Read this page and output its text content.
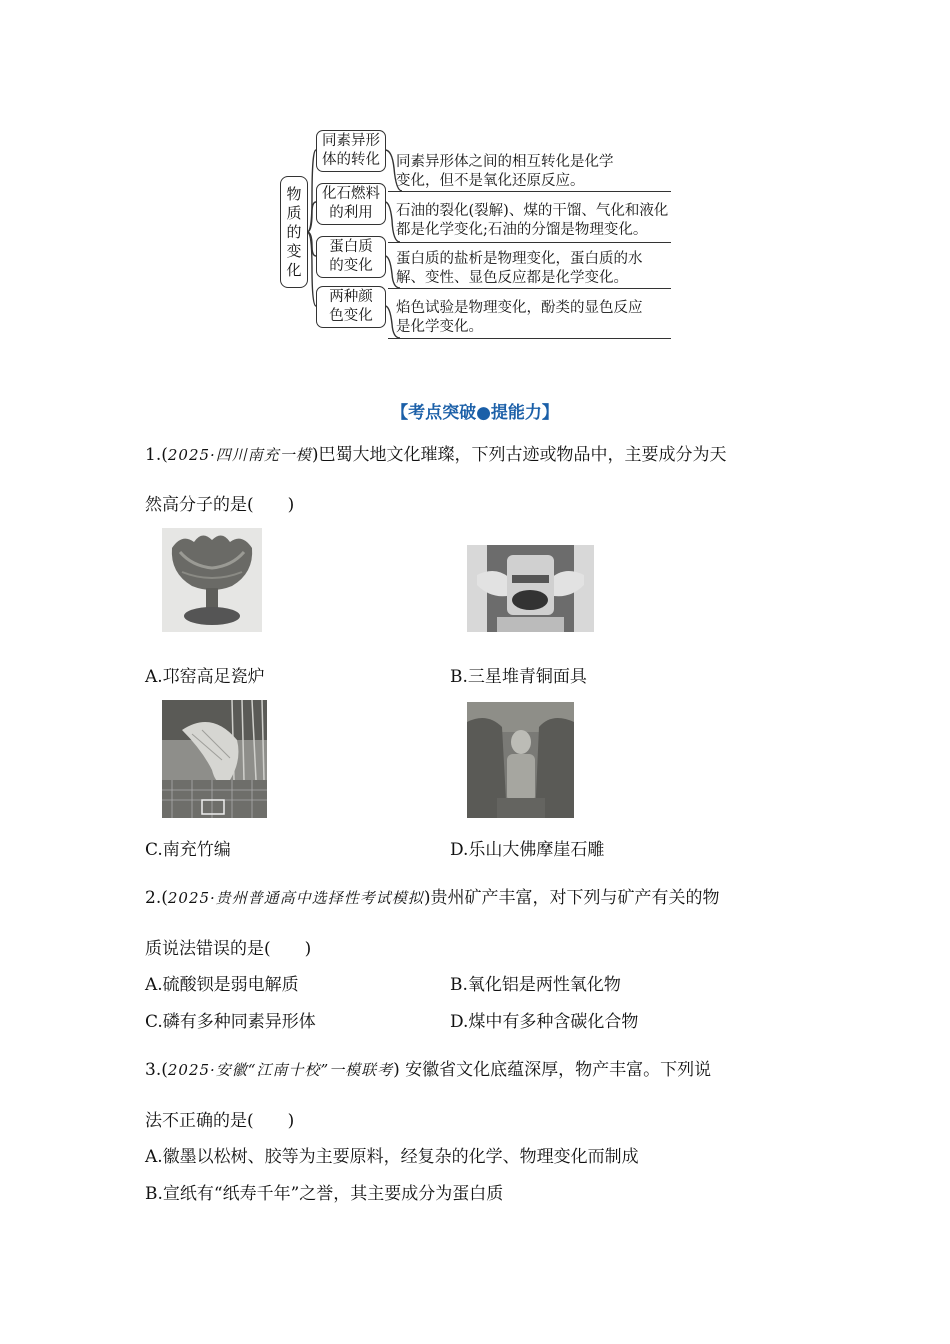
物
质
的
变
化
同素异形
体的转化	同素异形体之间的相互转化是化学
变化，但不是氧化还原反应。
化石燃料
的利用	石油的裂化(裂解)、煤的干馏、气化和液化
都是化学变化;石油的分馏是物理变化。
蛋白质
的变化	蛋白质的盐析是物理变化，蛋白质的水
解、变性、显色反应都是化学变化。
两种颜
色变化	焰色试验是物理变化，酚类的显色反应
是化学变化。
【考点突破●提能力】
1.(2025·四川南充一模)巴蜀大地文化璀璨，下列古迹或物品中，主要成分为天
然高分子的是(　　)
A.邛窑高足瓷炉	B.三星堆青铜面具
C.南充竹编	D.乐山大佛摩崖石雕
2.(2025·贵州普通高中选择性考试模拟)贵州矿产丰富，对下列与矿产有关的物
质说法错误的是(　　)
A.硫酸钡是弱电解质	B.氧化铝是两性氧化物
C.磷有多种同素异形体	D.煤中有多种含碳化合物
3.(2025·安徽“江南十校”一模联考) 安徽省文化底蕴深厚，物产丰富。下列说
法不正确的是(　　)
A.徽墨以松树、胶等为主要原料，经复杂的化学、物理变化而制成
B.宣纸有“纸寿千年”之誉，其主要成分为蛋白质
